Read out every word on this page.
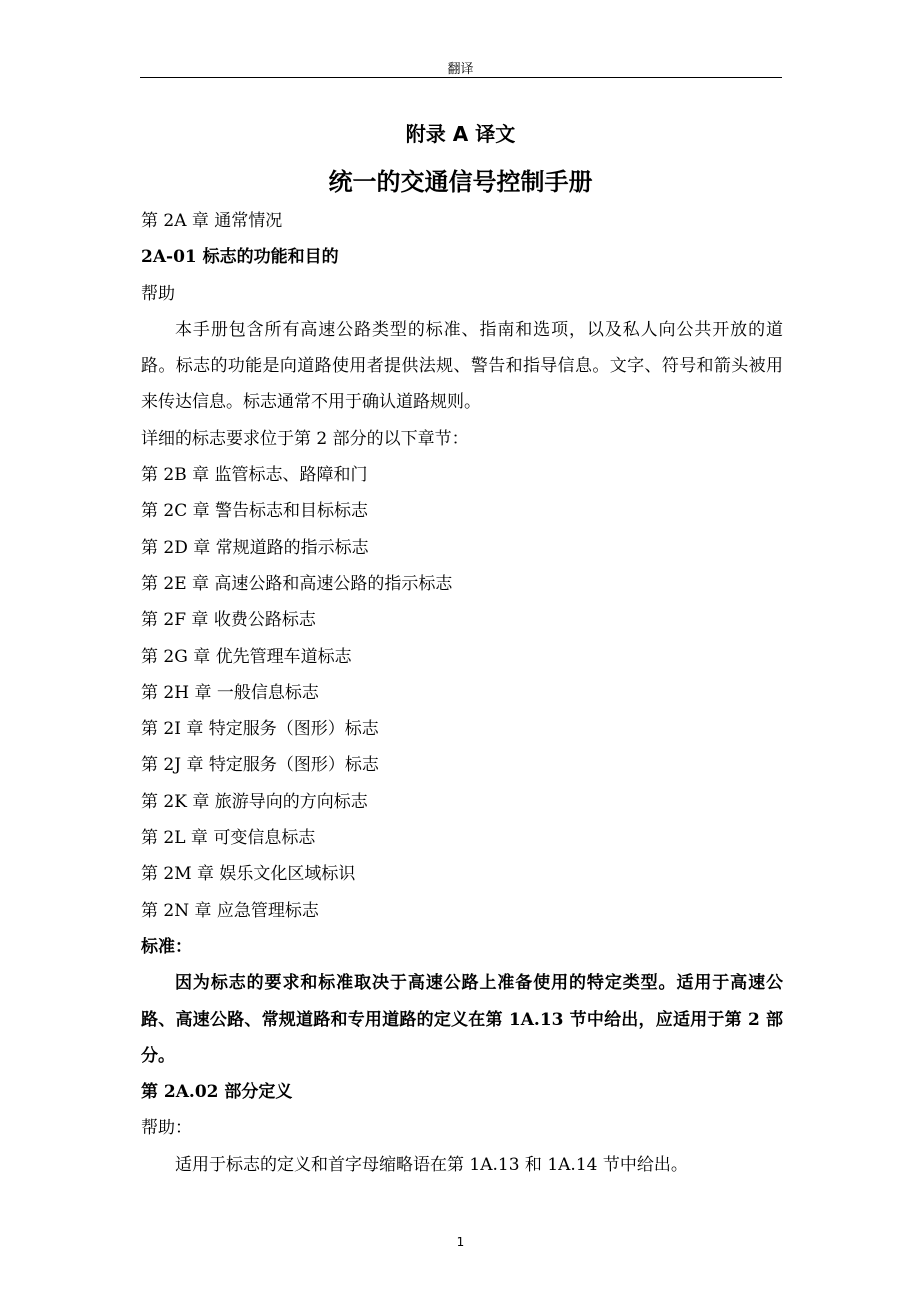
翻译
附录 A 译文
统一的交通信号控制手册

第 2A 章 通常情况

2A-01 标志的功能和目的

帮助

本手册包含所有高速公路类型的标准、指南和选项，以及私人向公共开放的道路。标志的功能是向道路使用者提供法规、警告和指导信息。文字、符号和箭头被用来传达信息。标志通常不用于确认道路规则。

详细的标志要求位于第 2 部分的以下章节：

第 2B 章 监管标志、路障和门
第 2C 章 警告标志和目标标志
第 2D 章 常规道路的指示标志
第 2E 章 高速公路和高速公路的指示标志
第 2F 章 收费公路标志
第 2G 章 优先管理车道标志
第 2H 章 一般信息标志
第 2I 章 特定服务（图形）标志
第 2J 章 特定服务（图形）标志
第 2K 章 旅游导向的方向标志
第 2L 章 可变信息标志
第 2M 章 娱乐文化区域标识
第 2N 章 应急管理标志

标准：

因为标志的要求和标准取决于高速公路上准备使用的特定类型。适用于高速公路、高速公路、常规道路和专用道路的定义在第 1A.13 节中给出，应适用于第 2 部分。

第 2A.02 部分定义

帮助：

适用于标志的定义和首字母缩略语在第 1A.13 和 1A.14 节中给出。

1
